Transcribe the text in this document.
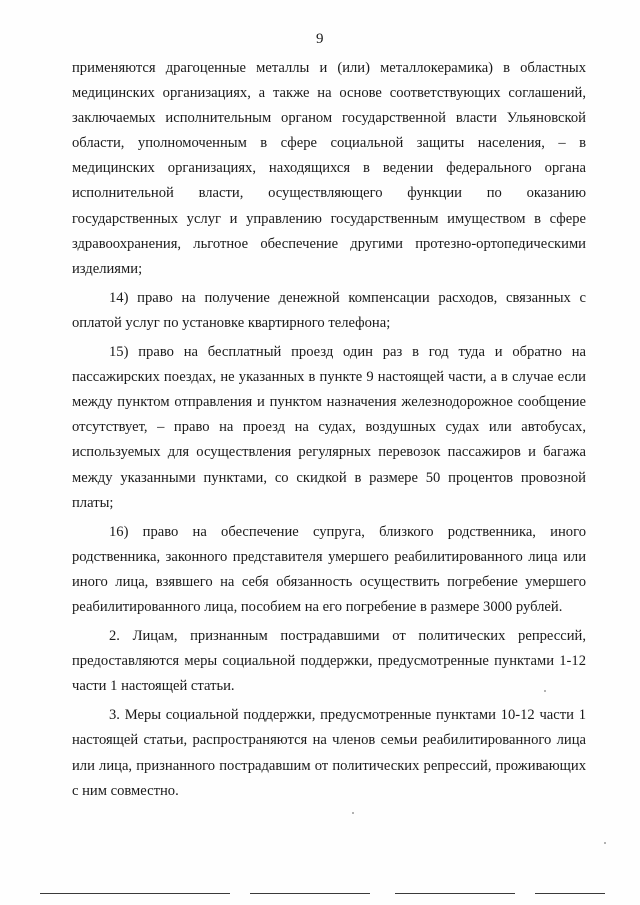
9

применяются драгоценные металлы и (или) металлокерамика) в областных медицинских организациях, а также на основе соответствующих соглашений, заключаемых исполнительным органом государственной власти Ульяновской области, уполномоченным в сфере социальной защиты населения, – в медицинских организациях, находящихся в ведении федерального органа исполнительной власти, осуществляющего функции по оказанию государственных услуг и управлению государственным имуществом в сфере здравоохранения, льготное обеспечение другими протезно-ортопедическими изделиями;

14) право на получение денежной компенсации расходов, связанных с оплатой услуг по установке квартирного телефона;

15) право на бесплатный проезд один раз в год туда и обратно на пассажирских поездах, не указанных в пункте 9 настоящей части, а в случае если между пунктом отправления и пунктом назначения железнодорожное сообщение отсутствует, – право на проезд на судах, воздушных судах или автобусах, используемых для осуществления регулярных перевозок пассажиров и багажа между указанными пунктами, со скидкой в размере 50 процентов провозной платы;

16) право на обеспечение супруга, близкого родственника, иного родственника, законного представителя умершего реабилитированного лица или иного лица, взявшего на себя обязанность осуществить погребение умершего реабилитированного лица, пособием на его погребение в размере 3000 рублей.

2. Лицам, признанным пострадавшими от политических репрессий, предоставляются меры социальной поддержки, предусмотренные пунктами 1-12 части 1 настоящей статьи.

3. Меры социальной поддержки, предусмотренные пунктами 10-12 части 1 настоящей статьи, распространяются на членов семьи реабилитированного лица или лица, признанного пострадавшим от политических репрессий, проживающих с ним совместно.
